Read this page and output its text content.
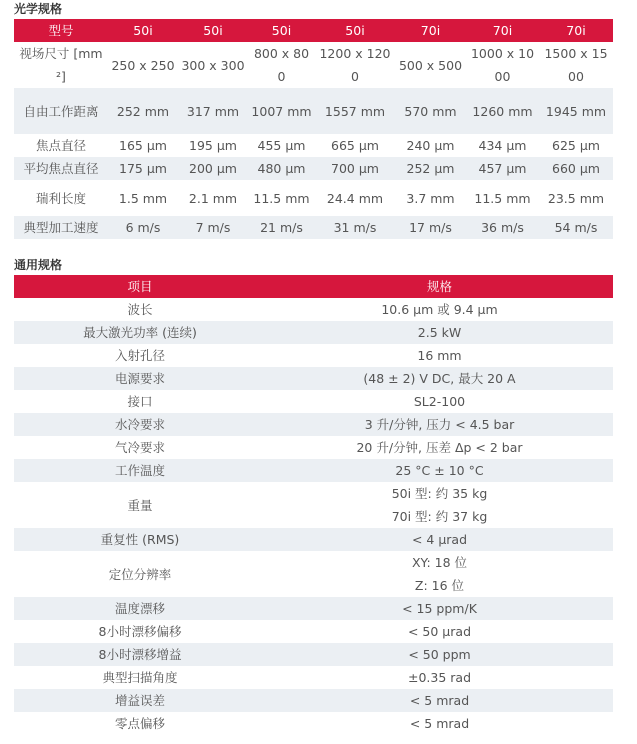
光学规格
型号	50i	50i	50i	50i	70i	70i	70i
视场尺寸 [mm²]	250 x 250	300 x 300	800 x 800	1200 x 1200	500 x 500	1000 x 1000	1500 x 1500
自由工作距离	252 mm	317 mm	1007 mm	1557 mm	570 mm	1260 mm	1945 mm
焦点直径	165 µm	195 µm	455 µm	665 µm	240 µm	434 µm	625 µm
平均焦点直径	175 µm	200 µm	480 µm	700 µm	252 µm	457 µm	660 µm
瑞利长度	1.5 mm	2.1 mm	11.5 mm	24.4 mm	3.7 mm	11.5 mm	23.5 mm
典型加工速度	6 m/s	7 m/s	21 m/s	31 m/s	17 m/s	36 m/s	54 m/s
通用规格
项目	规格
波长	10.6 µm 或 9.4 µm

最大激光功率 (连续)	2.5 kW

入射孔径	16 mm

电源要求	(48 ± 2) V DC, 最大 20 A

接口	SL2-100

水冷要求	3 升/分钟, 压力 < 4.5 bar

气冷要求	20 升/分钟, 压差 Δp < 2 bar

工作温度	25 °C ± 10 °C

重量	50i 型: 约 35 kg
70i 型: 约 37 kg

重复性 (RMS)	< 4 µrad

定位分辨率	XY: 18 位
Z: 16 位

温度漂移	< 15 ppm/K

8小时漂移偏移	< 50 µrad

8小时漂移增益	< 50 ppm

典型扫描角度	±0.35 rad

增益误差	< 5 mrad

零点偏移	< 5 mrad
